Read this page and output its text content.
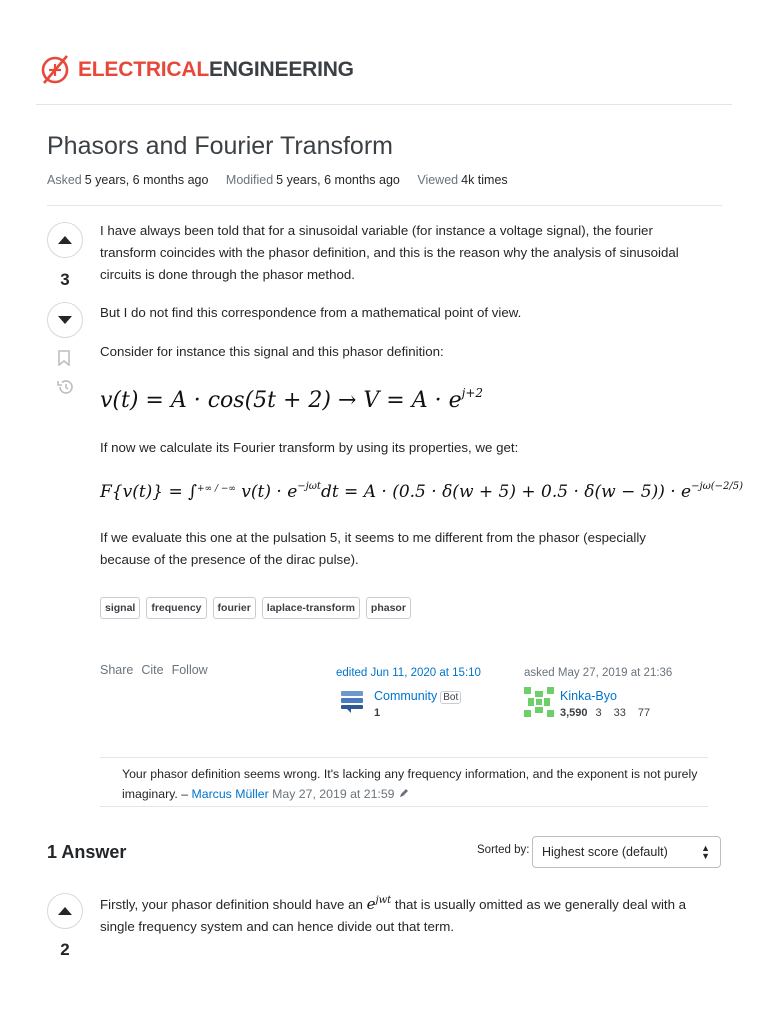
ELECTRICALENGINEERING
Phasors and Fourier Transform
Asked 5 years, 6 months ago Modified 5 years, 6 months ago Viewed 4k times
3

I have always been told that for a sinusoidal variable (for instance a voltage signal), the fourier transform coincides with the phasor definition, and this is the reason why the analysis of sinusoidal circuits is done through the phasor method.

But I do not find this correspondence from a mathematical point of view.

Consider for instance this signal and this phasor definition:

$v(t) = A \cdot \cos(5t + 2) \to V = A \cdot e^{j+2}$

If now we calculate its Fourier transform by using its properties, we get:

F{v(t)} = ∫+∞ / −∞ $v(t) \cdot e^{-j\omega t}dt = A \cdot (0.5 \cdot \delta(w + 5) + 0.5 \cdot \delta(w - 5)) \cdot e^{-j\omega(-2/5)}$

If we evaluate this one at the pulsation 5, it seems to me different from the phasor (especially because of the presence of the dirac pulse).

signal	frequency	fourier	laplace-transform	phasor
Share Cite Follow	edited Jun 11, 2020 at 15:10
Community Bot
1
asked May 27, 2019 at 21:36
Kinka-Byo
3,590 3 33 77
Your phasor definition seems wrong. It's lacking any frequency information, and the exponent is not purely imaginary. – Marcus Müller May 27, 2019 at 21:59
1 Answer	Sorted by:	Highest score (default)	▲
▼
2

Firstly, your phasor definition should have an $e^{jwt}$ that is usually omitted as we generally deal with a single frequency system and can hence divide out that term.
